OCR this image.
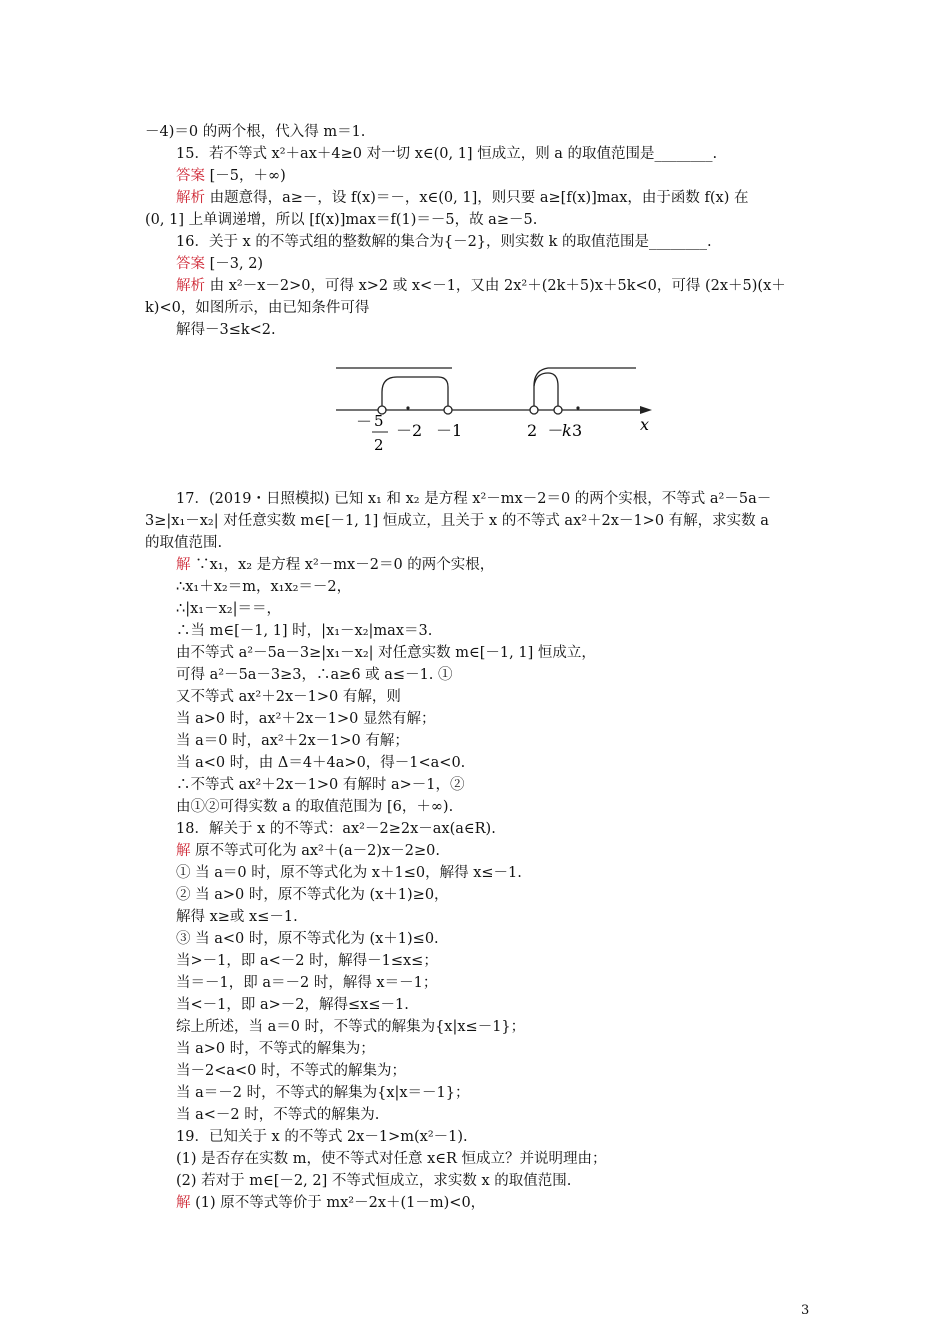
－4)＝0 的两个根，代入得 m＝1.
15．若不等式 x²＋ax＋4≥0 对一切 x∈(0, 1] 恒成立，则 a 的取值范围是________.
答案 [－5，＋∞)
解析 由题意得，a≥－，设 f(x)＝－，x∈(0, 1]，则只要 a≥[f(x)]max，由于函数 f(x) 在
(0, 1] 上单调递增，所以 [f(x)]max＝f(1)＝－5，故 a≥－5.
16．关于 x 的不等式组的整数解的集合为{－2}，则实数 k 的取值范围是________.
答案 [－3, 2)
解析 由 x²－x－2>0，可得 x>2 或 x<－1，又由 2x²＋(2k＋5)x＋5k<0，可得 (2x＋5)(x＋
k)<0，如图所示，由已知条件可得
解得－3≤k<2.
－ 5
2
－2 －1	2 －k 3	x
17．(2019・日照模拟) 已知 x₁ 和 x₂ 是方程 x²－mx－2＝0 的两个实根，不等式 a²－5a－
3≥|x₁－x₂| 对任意实数 m∈[－1, 1] 恒成立，且关于 x 的不等式 ax²＋2x－1>0 有解，求实数 a
的取值范围.
解 ∵x₁，x₂ 是方程 x²－mx－2＝0 的两个实根，
∴x₁＋x₂＝m，x₁x₂＝－2，
∴|x₁－x₂|＝＝，
∴当 m∈[－1, 1] 时，|x₁－x₂|max＝3.
由不等式 a²－5a－3≥|x₁－x₂| 对任意实数 m∈[－1, 1] 恒成立，
可得 a²－5a－3≥3，∴a≥6 或 a≤－1. ①
又不等式 ax²＋2x－1>0 有解，则
当 a>0 时，ax²＋2x－1>0 显然有解；
当 a＝0 时，ax²＋2x－1>0 有解；
当 a<0 时，由 Δ＝4＋4a>0，得－1<a<0.
∴不等式 ax²＋2x－1>0 有解时 a>－1，②
由①②可得实数 a 的取值范围为 [6，＋∞).
18．解关于 x 的不等式：ax²－2≥2x－ax(a∈R).
解 原不等式可化为 ax²＋(a－2)x－2≥0.
① 当 a＝0 时，原不等式化为 x＋1≤0，解得 x≤－1.
② 当 a>0 时，原不等式化为 (x＋1)≥0，
解得 x≥或 x≤－1.
③ 当 a<0 时，原不等式化为 (x＋1)≤0.
当>－1，即 a<－2 时，解得－1≤x≤；
当＝－1，即 a＝－2 时，解得 x＝－1；
当<－1，即 a>－2，解得≤x≤－1.
综上所述，当 a＝0 时，不等式的解集为{x|x≤－1}；
当 a>0 时，不等式的解集为；
当－2<a<0 时，不等式的解集为；
当 a＝－2 时，不等式的解集为{x|x＝－1}；
当 a<－2 时，不等式的解集为.
19．已知关于 x 的不等式 2x－1>m(x²－1).
(1) 是否存在实数 m，使不等式对任意 x∈R 恒成立？并说明理由；
(2) 若对于 m∈[－2, 2] 不等式恒成立，求实数 x 的取值范围.
解 (1) 原不等式等价于 mx²－2x＋(1－m)<0，
3
